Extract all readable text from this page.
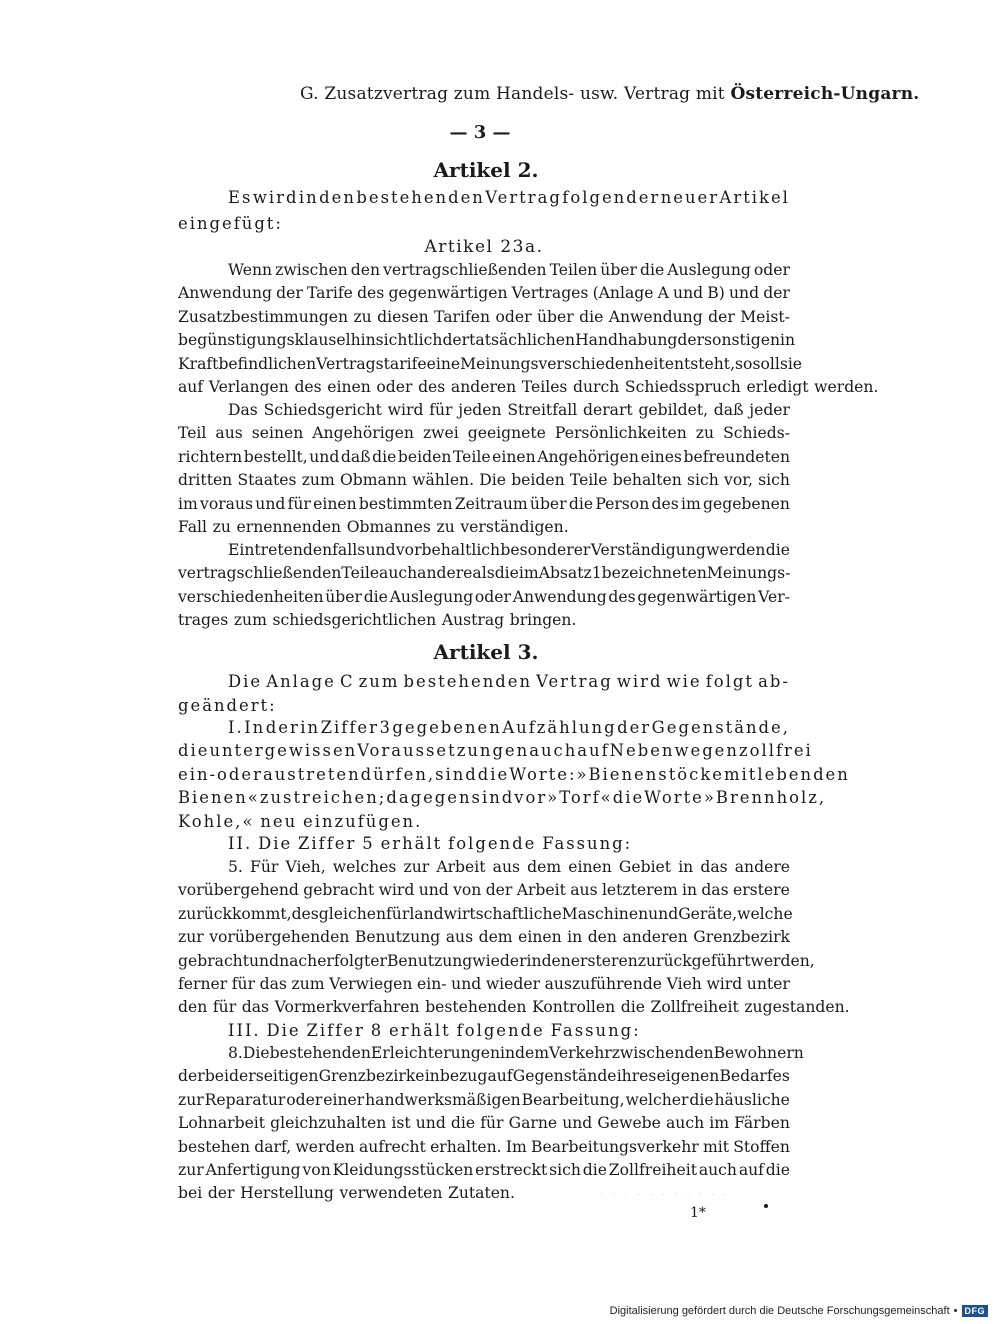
G. Zusatzvertrag zum Handels- usw. Vertrag mit Österreich-Ungarn.
— 3 —
Artikel 2.
Es wird in den bestehenden Vertrag folgender neuer Artikel
eingefügt:
Artikel 23a.
Wenn zwischen den vertragschließenden Teilen über die Auslegung oder
Anwendung der Tarife des gegenwärtigen Vertrages (Anlage A und B) und der
Zusatzbestimmungen zu diesen Tarifen oder über die Anwendung der Meist-
begünstigungsklausel hinsichtlich der tatsächlichen Handhabung der sonstigen in
Kraft befindlichen Vertragstarife eine Meinungsverschiedenheit entsteht, so soll sie
auf Verlangen des einen oder des anderen Teiles durch Schiedsspruch erledigt werden.
Das Schiedsgericht wird für jeden Streitfall derart gebildet, daß jeder
Teil aus seinen Angehörigen zwei geeignete Persönlichkeiten zu Schieds-
richtern bestellt, und daß die beiden Teile einen Angehörigen eines befreundeten
dritten Staates zum Obmann wählen. Die beiden Teile behalten sich vor, sich
im voraus und für einen bestimmten Zeitraum über die Person des im gegebenen
Fall zu ernennenden Obmannes zu verständigen.
Eintretendenfalls und vorbehaltlich besonderer Verständigung werden die
vertragschließenden Teile auch andere als die im Absatz 1 bezeichneten Meinungs-
verschiedenheiten über die Auslegung oder Anwendung des gegenwärtigen Ver-
trages zum schiedsgerichtlichen Austrag bringen.
Artikel 3.
Die Anlage C zum bestehenden Vertrag wird wie folgt ab-
geändert:
I. In der in Ziffer 3 gegebenen Aufzählung der Gegenstände,
die unter gewissen Voraussetzungen auch auf Nebenwegen zollfrei
ein- oder austreten dürfen, sind die Worte: »Bienenstöcke mit lebenden
Bienen« zu streichen; dagegen sind vor »Torf« die Worte »Brennholz,
Kohle,« neu einzufügen.
II. Die Ziffer 5 erhält folgende Fassung:
5. Für Vieh, welches zur Arbeit aus dem einen Gebiet in das andere
vorübergehend gebracht wird und von der Arbeit aus letzterem in das erstere
zurückkommt, desgleichen für landwirtschaftliche Maschinen und Geräte, welche
zur vorübergehenden Benutzung aus dem einen in den anderen Grenzbezirk
gebracht und nach erfolgter Benutzung wieder in den ersteren zurückgeführt werden,
ferner für das zum Verwiegen ein- und wieder auszuführende Vieh wird unter
den für das Vormerkverfahren bestehenden Kontrollen die Zollfreiheit zugestanden.
III. Die Ziffer 8 erhält folgende Fassung:
8. Die bestehenden Erleichterungen in dem Verkehr zwischen den Bewohnern
der beiderseitigen Grenzbezirke in bezug auf Gegenstände ihres eigenen Bedarfes
zur Reparatur oder einer handwerksmäßigen Bearbeitung, welcher die häusliche
Lohnarbeit gleichzuhalten ist und die für Garne und Gewebe auch im Färben
bestehen darf, werden aufrecht erhalten. Im Bearbeitungsverkehr mit Stoffen
zur Anfertigung von Kleidungsstücken erstreckt sich die Zollfreiheit auch auf die
bei der Herstellung verwendeten Zutaten.	· · · · · · · · · · ·
1*
Digitalisierung gefördert durch die Deutsche Forschungsgemeinschaft • DFG
